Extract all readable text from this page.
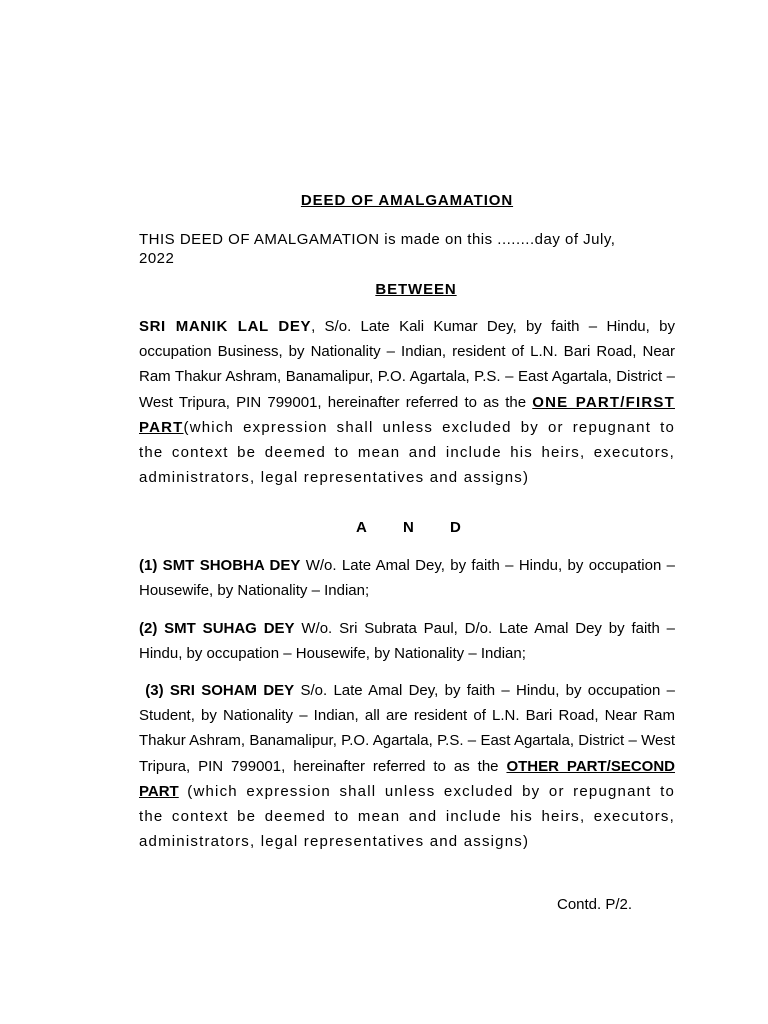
DEED OF AMALGAMATION
THIS DEED OF AMALGAMATION is made on this ........day of July, 2022
BETWEEN
SRI MANIK LAL DEY, S/o. Late Kali Kumar Dey, by faith – Hindu, by occupation Business, by Nationality – Indian, resident of L.N. Bari Road, Near Ram Thakur Ashram, Banamalipur, P.O. Agartala, P.S. – East Agartala, District – West Tripura, PIN 799001, hereinafter referred to as the ONE PART/FIRST PART(which expression shall unless excluded by or repugnant to the context be deemed to mean and include his heirs, executors, administrators, legal representatives and assigns)
A N D
(1) SMT SHOBHA DEY W/o. Late Amal Dey, by faith – Hindu, by occupation – Housewife, by Nationality – Indian;
(2) SMT SUHAG DEY W/o. Sri Subrata Paul, D/o. Late Amal Dey by faith – Hindu, by occupation – Housewife, by Nationality – Indian;
(3) SRI SOHAM DEY S/o. Late Amal Dey, by faith – Hindu, by occupation – Student, by Nationality – Indian, all are resident of L.N. Bari Road, Near Ram Thakur Ashram, Banamalipur, P.O. Agartala, P.S. – East Agartala, District – West Tripura, PIN 799001, hereinafter referred to as the OTHER PART/SECOND PART (which expression shall unless excluded by or repugnant to the context be deemed to mean and include his heirs, executors, administrators, legal representatives and assigns)
Contd. P/2.
